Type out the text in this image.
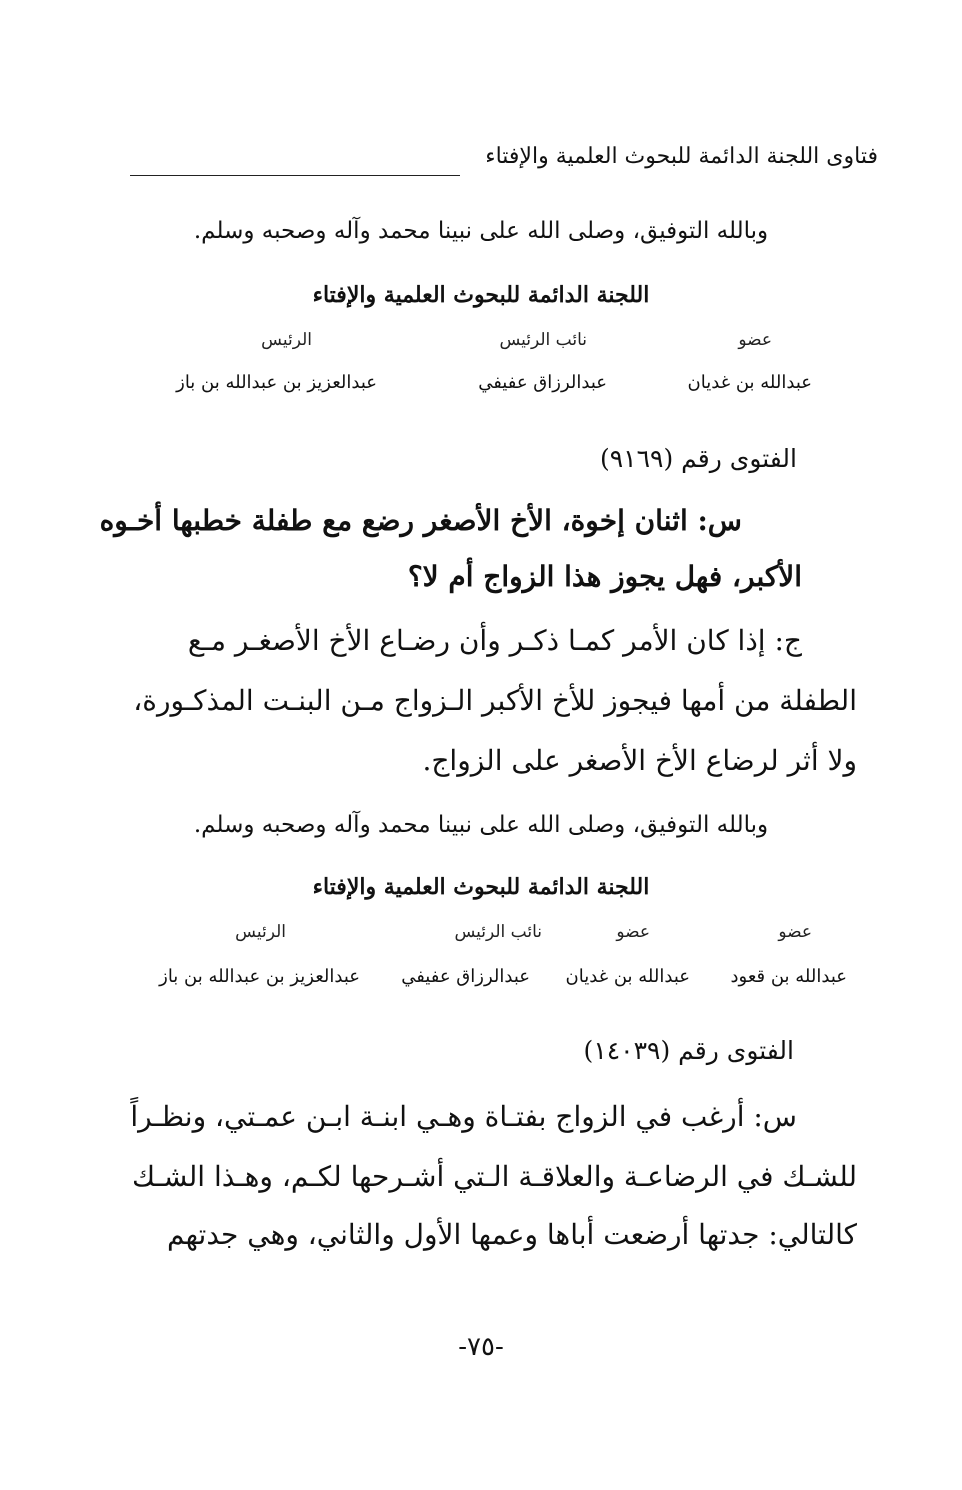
فتاوى اللجنة الدائمة للبحوث العلمية والإفتاء
وبالله التوفيق، وصلى الله على نبينا محمد وآله وصحبه وسلم.
اللجنة الدائمة للبحوث العلمية والإفتاء
عضو
نائب الرئيس
الرئيس
عبدالله بن غديان
عبدالرزاق عفيفي
عبدالعزيز بن عبدالله بن باز
الفتوى رقم (٩١٦٩)
س: اثنان إخوة، الأخ الأصغر رضع مع طفلة خطبها أخـوه
الأكبر، فهل يجوز هذا الزواج أم لا؟
ج: إذا كان الأمر كمـا ذكـر وأن رضـاع الأخ الأصغـر مـع
الطفلة من أمها فيجوز للأخ الأكبر الـزواج مـن البنـت المذكـورة،
ولا أثر لرضاع الأخ الأصغر على الزواج.
وبالله التوفيق، وصلى الله على نبينا محمد وآله وصحبه وسلم.
اللجنة الدائمة للبحوث العلمية والإفتاء
عضو
عضو
نائب الرئيس
الرئيس
عبدالله بن قعود
عبدالله بن غديان
عبدالرزاق عفيفي
عبدالعزيز بن عبدالله بن باز
الفتوى رقم (١٤٠٣٩)
س: أرغب في الزواج بفتـاة وهـي ابنـة ابـن عمـتي، ونظـراً
للشـك في الرضاعـة والعلاقـة الـتي أشـرحها لكـم، وهـذا الشـك
كالتالي: جدتها أرضعت أباها وعمها الأول والثاني، وهي جدتهم
-٧٥-
